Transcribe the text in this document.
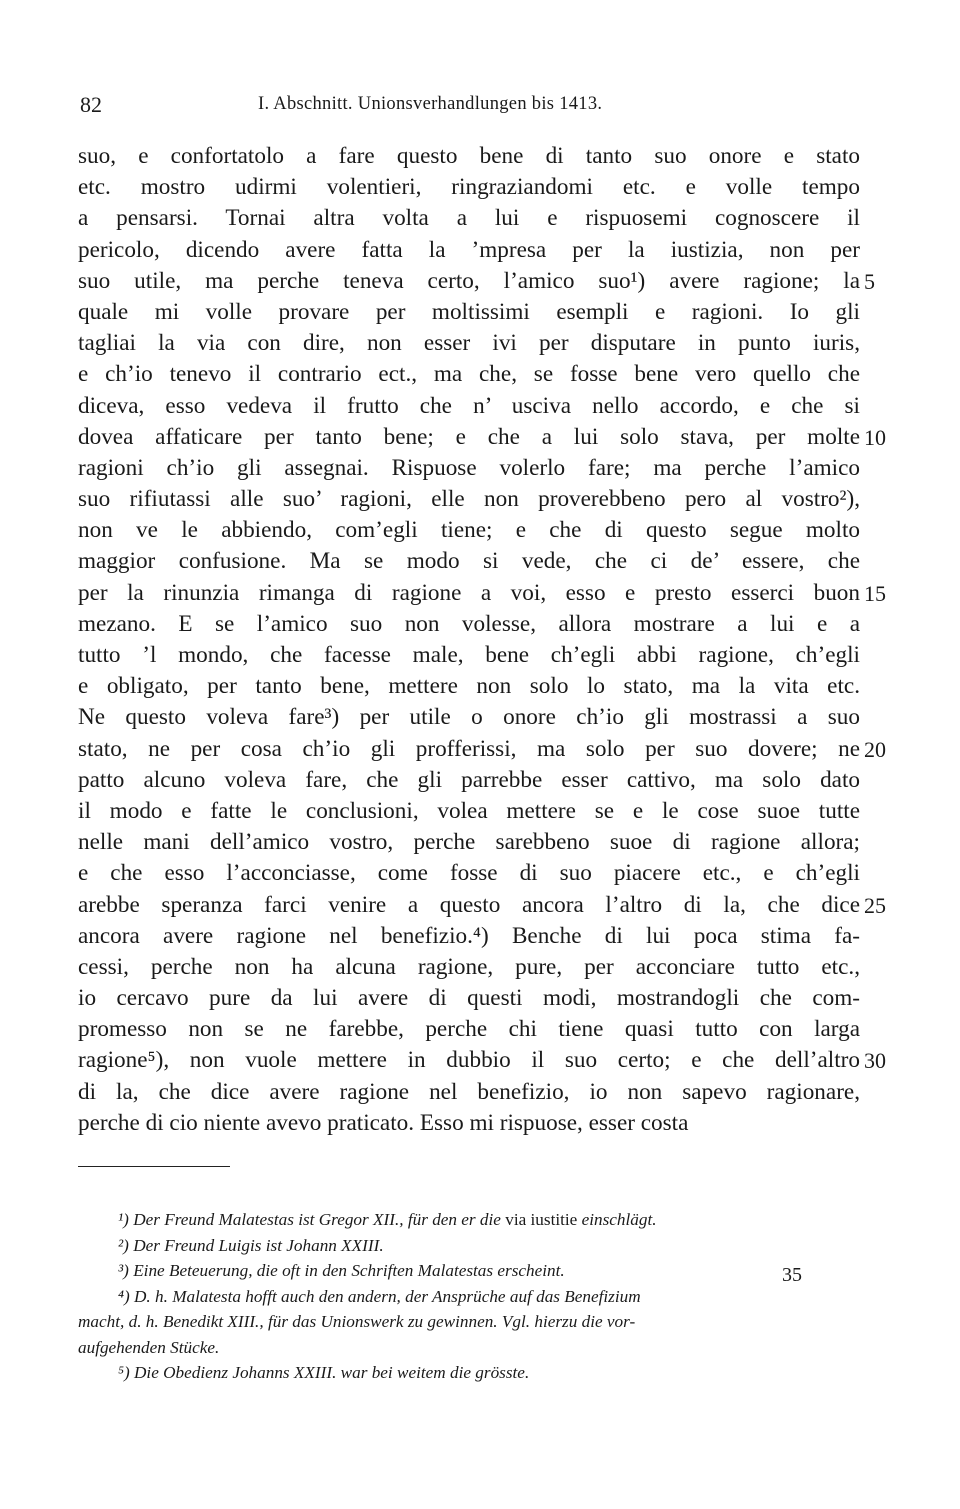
82	I. Abschnitt. Unionsverhandlungen bis 1413.
suo, e confortatolo a fare questo bene di tanto suo onore e stato
etc. mostro udirmi volentieri, ringraziandomi etc. e volle tempo
a pensarsi. Tornai altra volta a lui e rispuosemi cognoscere il
pericolo, dicendo avere fatta la ’mpresa per la iustizia, non per
suo utile, ma perche teneva certo, l’amico suo¹) avere ragione; la 5
quale mi volle provare per moltissimi esempli e ragioni. Io gli
tagliai la via con dire, non esser ivi per disputare in punto iuris,
e ch’io tenevo il contrario ect., ma che, se fosse bene vero quello che
diceva, esso vedeva il frutto che n’ usciva nello accordo, e che si
dovea affaticare per tanto bene; e che a lui solo stava, per molte 10
ragioni ch’io gli assegnai. Rispuose volerlo fare; ma perche l’amico
suo rifiutassi alle suo’ ragioni, elle non proverebbeno pero al vostro²),
non ve le abbiendo, com’egli tiene; e che di questo segue molto
maggior confusione. Ma se modo si vede, che ci de’ essere, che
per la rinunzia rimanga di ragione a voi, esso e presto esserci buon 15
mezano. E se l’amico suo non volesse, allora mostrare a lui e a
tutto ’l mondo, che facesse male, bene ch’egli abbi ragione, ch’egli
e obligato, per tanto bene, mettere non solo lo stato, ma la vita etc.
Ne questo voleva fare³) per utile o onore ch’io gli mostrassi a suo
stato, ne per cosa ch’io gli profferissi, ma solo per suo dovere; ne 20
patto alcuno voleva fare, che gli parrebbe esser cattivo, ma solo dato
il modo e fatte le conclusioni, volea mettere se e le cose suoe tutte
nelle mani dell’amico vostro, perche sarebbeno suoe di ragione allora;
e che esso l’acconciasse, come fosse di suo piacere etc., e ch’egli
arebbe speranza farci venire a questo ancora l’altro di la, che dice 25
ancora avere ragione nel benefizio.⁴) Benche di lui poca stima fa-
cessi, perche non ha alcuna ragione, pure, per acconciare tutto etc.,
io cercavo pure da lui avere di questi modi, mostrandogli che com-
promesso non se ne farebbe, perche chi tiene quasi tutto con larga
ragione⁵), non vuole mettere in dubbio il suo certo; e che dell’altro 30
di la, che dice avere ragione nel benefizio, io non sapevo ragionare,
perche di cio niente avevo praticato. Esso mi rispuose, esser costa
¹) Der Freund Malatestas ist Gregor XII., für den er die via iustitie einschlägt.
²) Der Freund Luigis ist Johann XXIII.
³) Eine Beteuerung, die oft in den Schriften Malatestas erscheint.
⁴) D. h. Malatesta hofft auch den andern, der Ansprüche auf das Benefizium
macht, d. h. Benedikt XIII., für das Unionswerk zu gewinnen. Vgl. hierzu die vor-
aufgehenden Stücke.
⁵) Die Obedienz Johanns XXIII. war bei weitem die grösste.
35
